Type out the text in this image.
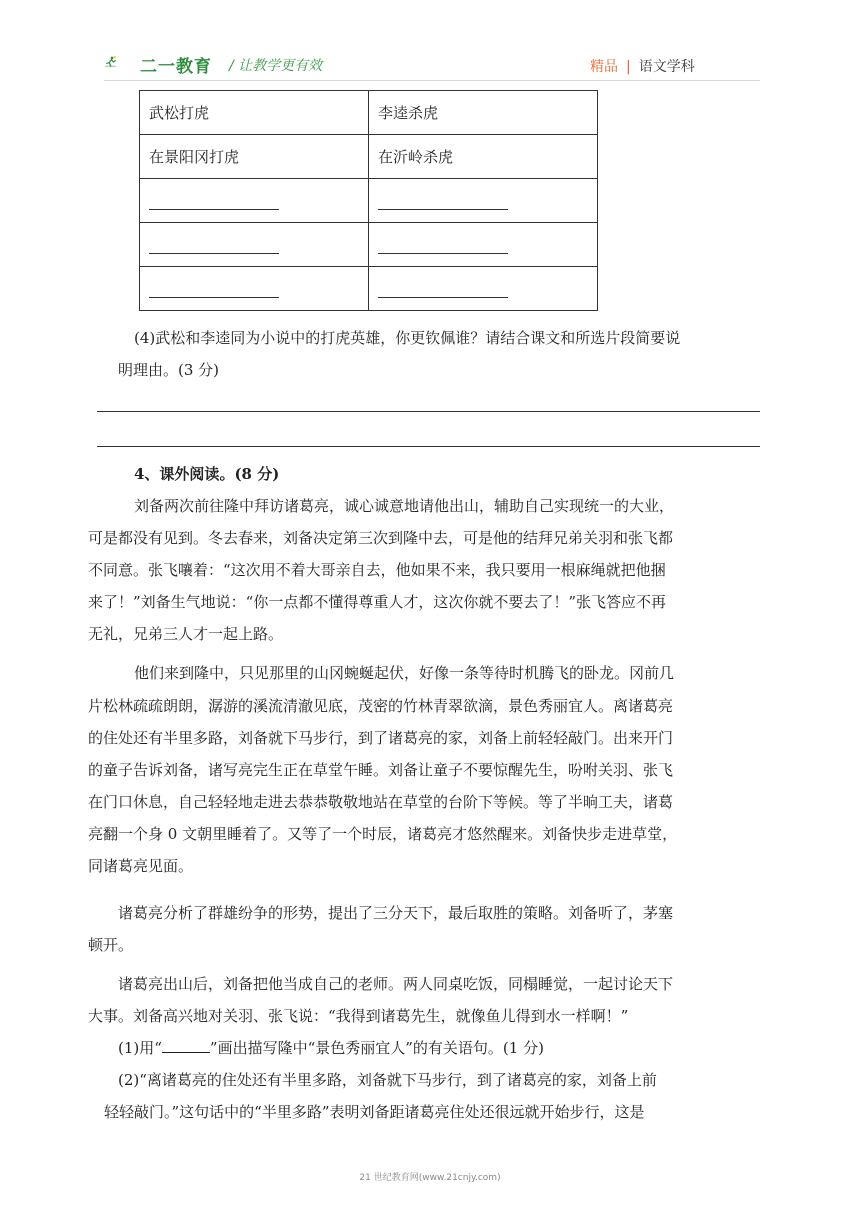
二一教育 / 让教学更有效	精品 | 语文学科
武松打虎	李逵杀虎
在景阳冈打虎	在沂岭杀虎

(4)武松和李逵同为小说中的打虎英雄，你更钦佩谁？请结合课文和所选片段简要说
明理由。(3 分)
4、课外阅读。(8 分)
刘备两次前往隆中拜访诸葛亮，诚心诚意地请他出山，辅助自己实现统一的大业，
可是都没有见到。冬去春来，刘备决定第三次到隆中去，可是他的结拜兄弟关羽和张飞都
不同意。张飞嚷着：“这次用不着大哥亲自去，他如果不来，我只要用一根麻绳就把他捆
来了！”刘备生气地说：“你一点都不懂得尊重人才，这次你就不要去了！”张飞答应不再
无礼，兄弟三人才一起上路。
他们来到隆中，只见那里的山冈蜿蜒起伏，好像一条等待时机腾飞的卧龙。冈前几
片松林疏疏朗朗，潺游的溪流清澈见底，茂密的竹林青翠欲滴，景色秀丽宜人。离诸葛亮
的住处还有半里多路，刘备就下马步行，到了诸葛亮的家，刘备上前轻轻敲门。出来开门
的童子告诉刘备，诸写亮完生正在草堂午睡。刘备让童子不要惊醒先生，吩咐关羽、张飞
在门口休息，自己轻轻地走进去恭恭敬敬地站在草堂的台阶下等候。等了半晌工夫，诸葛
亮翻一个身 0 文朝里睡着了。又等了一个时辰，诸葛亮才悠然醒来。刘备快步走进草堂，
同诸葛亮见面。
诸葛亮分析了群雄纷争的形势，提出了三分天下，最后取胜的策略。刘备听了，茅塞
顿开。
诸葛亮出山后，刘备把他当成自己的老师。两人同桌吃饭，同榻睡觉，一起讨论天下
大事。刘备高兴地对关羽、张飞说：“我得到诸葛先生，就像鱼儿得到水一样啊！”
(1)用“	”画出描写隆中“景色秀丽宜人”的有关语句。(1 分)
(2)“离诸葛亮的住处还有半里多路，刘备就下马步行，到了诸葛亮的家，刘备上前
轻轻敲门。”这句话中的“半里多路”表明刘备距诸葛亮住处还很远就开始步行，这是
21 世纪教育网(www.21cnjy.com)
